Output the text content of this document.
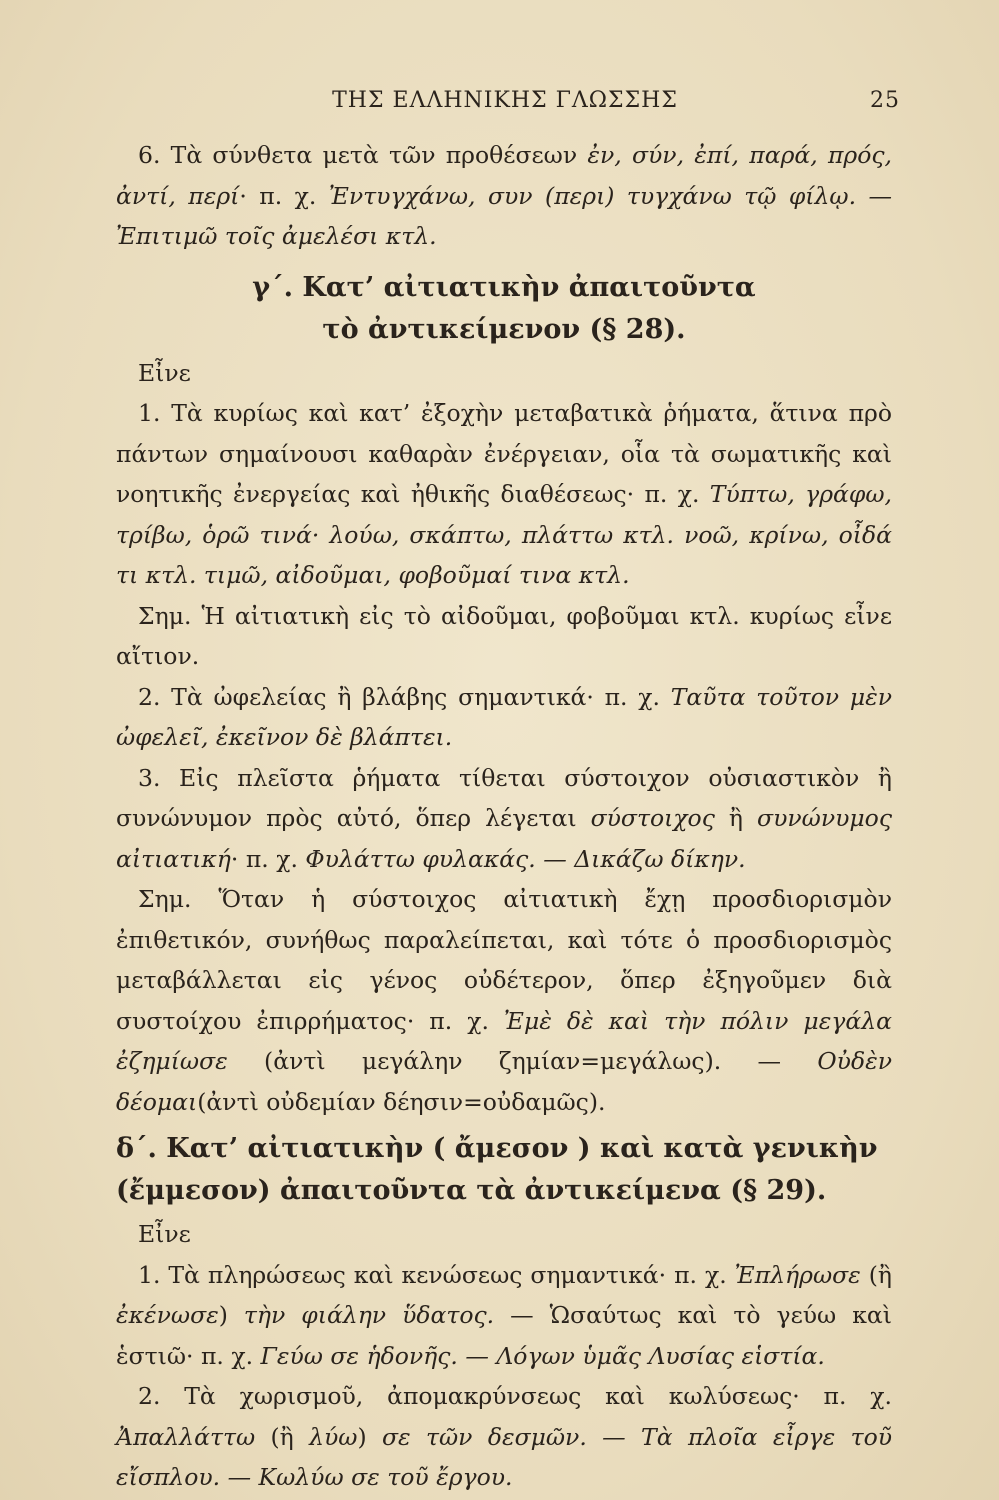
ΤΗΣ ΕΛΛΗΝΙΚΗΣ ΓΛΩΣΣΗΣ	25

6. Τὰ σύνθετα μετὰ τῶν προθέσεων ἐν, σύν, ἐπί, παρά, πρός, ἀντί, περί· π. χ. Ἐντυγχάνω, συν (περι) τυγχάνω τῷ φίλῳ. — Ἐπιτιμῶ τοῖς ἀμελέσι κτλ.

γ΄. Κατ’ αἰτιατικὴν ἀπαιτοῦντα
τὸ ἀντικείμενον (§ 28).

Εἶνε

1. Τὰ κυρίως καὶ κατ’ ἐξοχὴν μεταβατικὰ ῥήματα, ἅτινα πρὸ πάντων σημαίνουσι καθαρὰν ἐνέργειαν, οἷα τὰ σωματικῆς καὶ νοητικῆς ἐνεργείας καὶ ἠθικῆς διαθέσεως· π. χ. Τύπτω, γράφω, τρίβω, ὁρῶ τινά· λούω, σκάπτω, πλάττω κτλ. νοῶ, κρίνω, οἶδά τι κτλ. τιμῶ, αἰδοῦμαι, φοβοῦμαί τινα κτλ.

Σημ. Ἡ αἰτιατικὴ εἰς τὸ αἰδοῦμαι, φοβοῦμαι κτλ. κυρίως εἶνε αἴτιον.

2. Τὰ ὠφελείας ἢ βλάβης σημαντικά· π. χ. Ταῦτα τοῦτον μὲν ὠφελεῖ, ἐκεῖνον δὲ βλάπτει.

3. Εἰς πλεῖστα ῥήματα τίθεται σύστοιχον οὐσιαστικὸν ἢ συνώνυμον πρὸς αὐτό, ὅπερ λέγεται σύστοιχος ἢ συνώνυμος αἰτιατική· π. χ. Φυλάττω φυλακάς. — Δικάζω δίκην.

Σημ. Ὅταν ἡ σύστοιχος αἰτιατικὴ ἔχῃ προσδιορισμὸν ἐπιθετικόν, συνήθως παραλείπεται, καὶ τότε ὁ προσδιορισμὸς μεταβάλλεται εἰς γένος οὐδέτερον, ὅπερ ἐξηγοῦμεν διὰ συστοίχου ἐπιρρήματος· π. χ. Ἐμὲ δὲ καὶ τὴν πόλιν μεγάλα ἐζημίωσε (ἀντὶ μεγάλην ζημίαν=μεγάλως). — Οὐδὲν δέομαι(ἀντὶ οὐδεμίαν δέησιν=οὐδαμῶς).

δ΄. Κατ’ αἰτιατικὴν ( ἄμεσον ) καὶ κατὰ γενικὴν
(ἔμμεσον) ἀπαιτοῦντα τὰ ἀντικείμενα (§ 29).

Εἶνε

1. Τὰ πληρώσεως καὶ κενώσεως σημαντικά· π. χ. Ἐπλήρωσε (ἢ ἐκένωσε) τὴν φιάλην ὕδατος. — Ὡσαύτως καὶ τὸ γεύω καὶ ἑστιῶ· π. χ. Γεύω σε ἡδονῆς. — Λόγων ὑμᾶς Λυσίας εἱστία.

2. Τὰ χωρισμοῦ, ἀπομακρύνσεως καὶ κωλύσεως· π. χ. Ἀπαλλάττω (ἢ λύω) σε τῶν δεσμῶν. — Τὰ πλοῖα εἶργε τοῦ εἴσπλου. — Κωλύω σε τοῦ ἔργου.
